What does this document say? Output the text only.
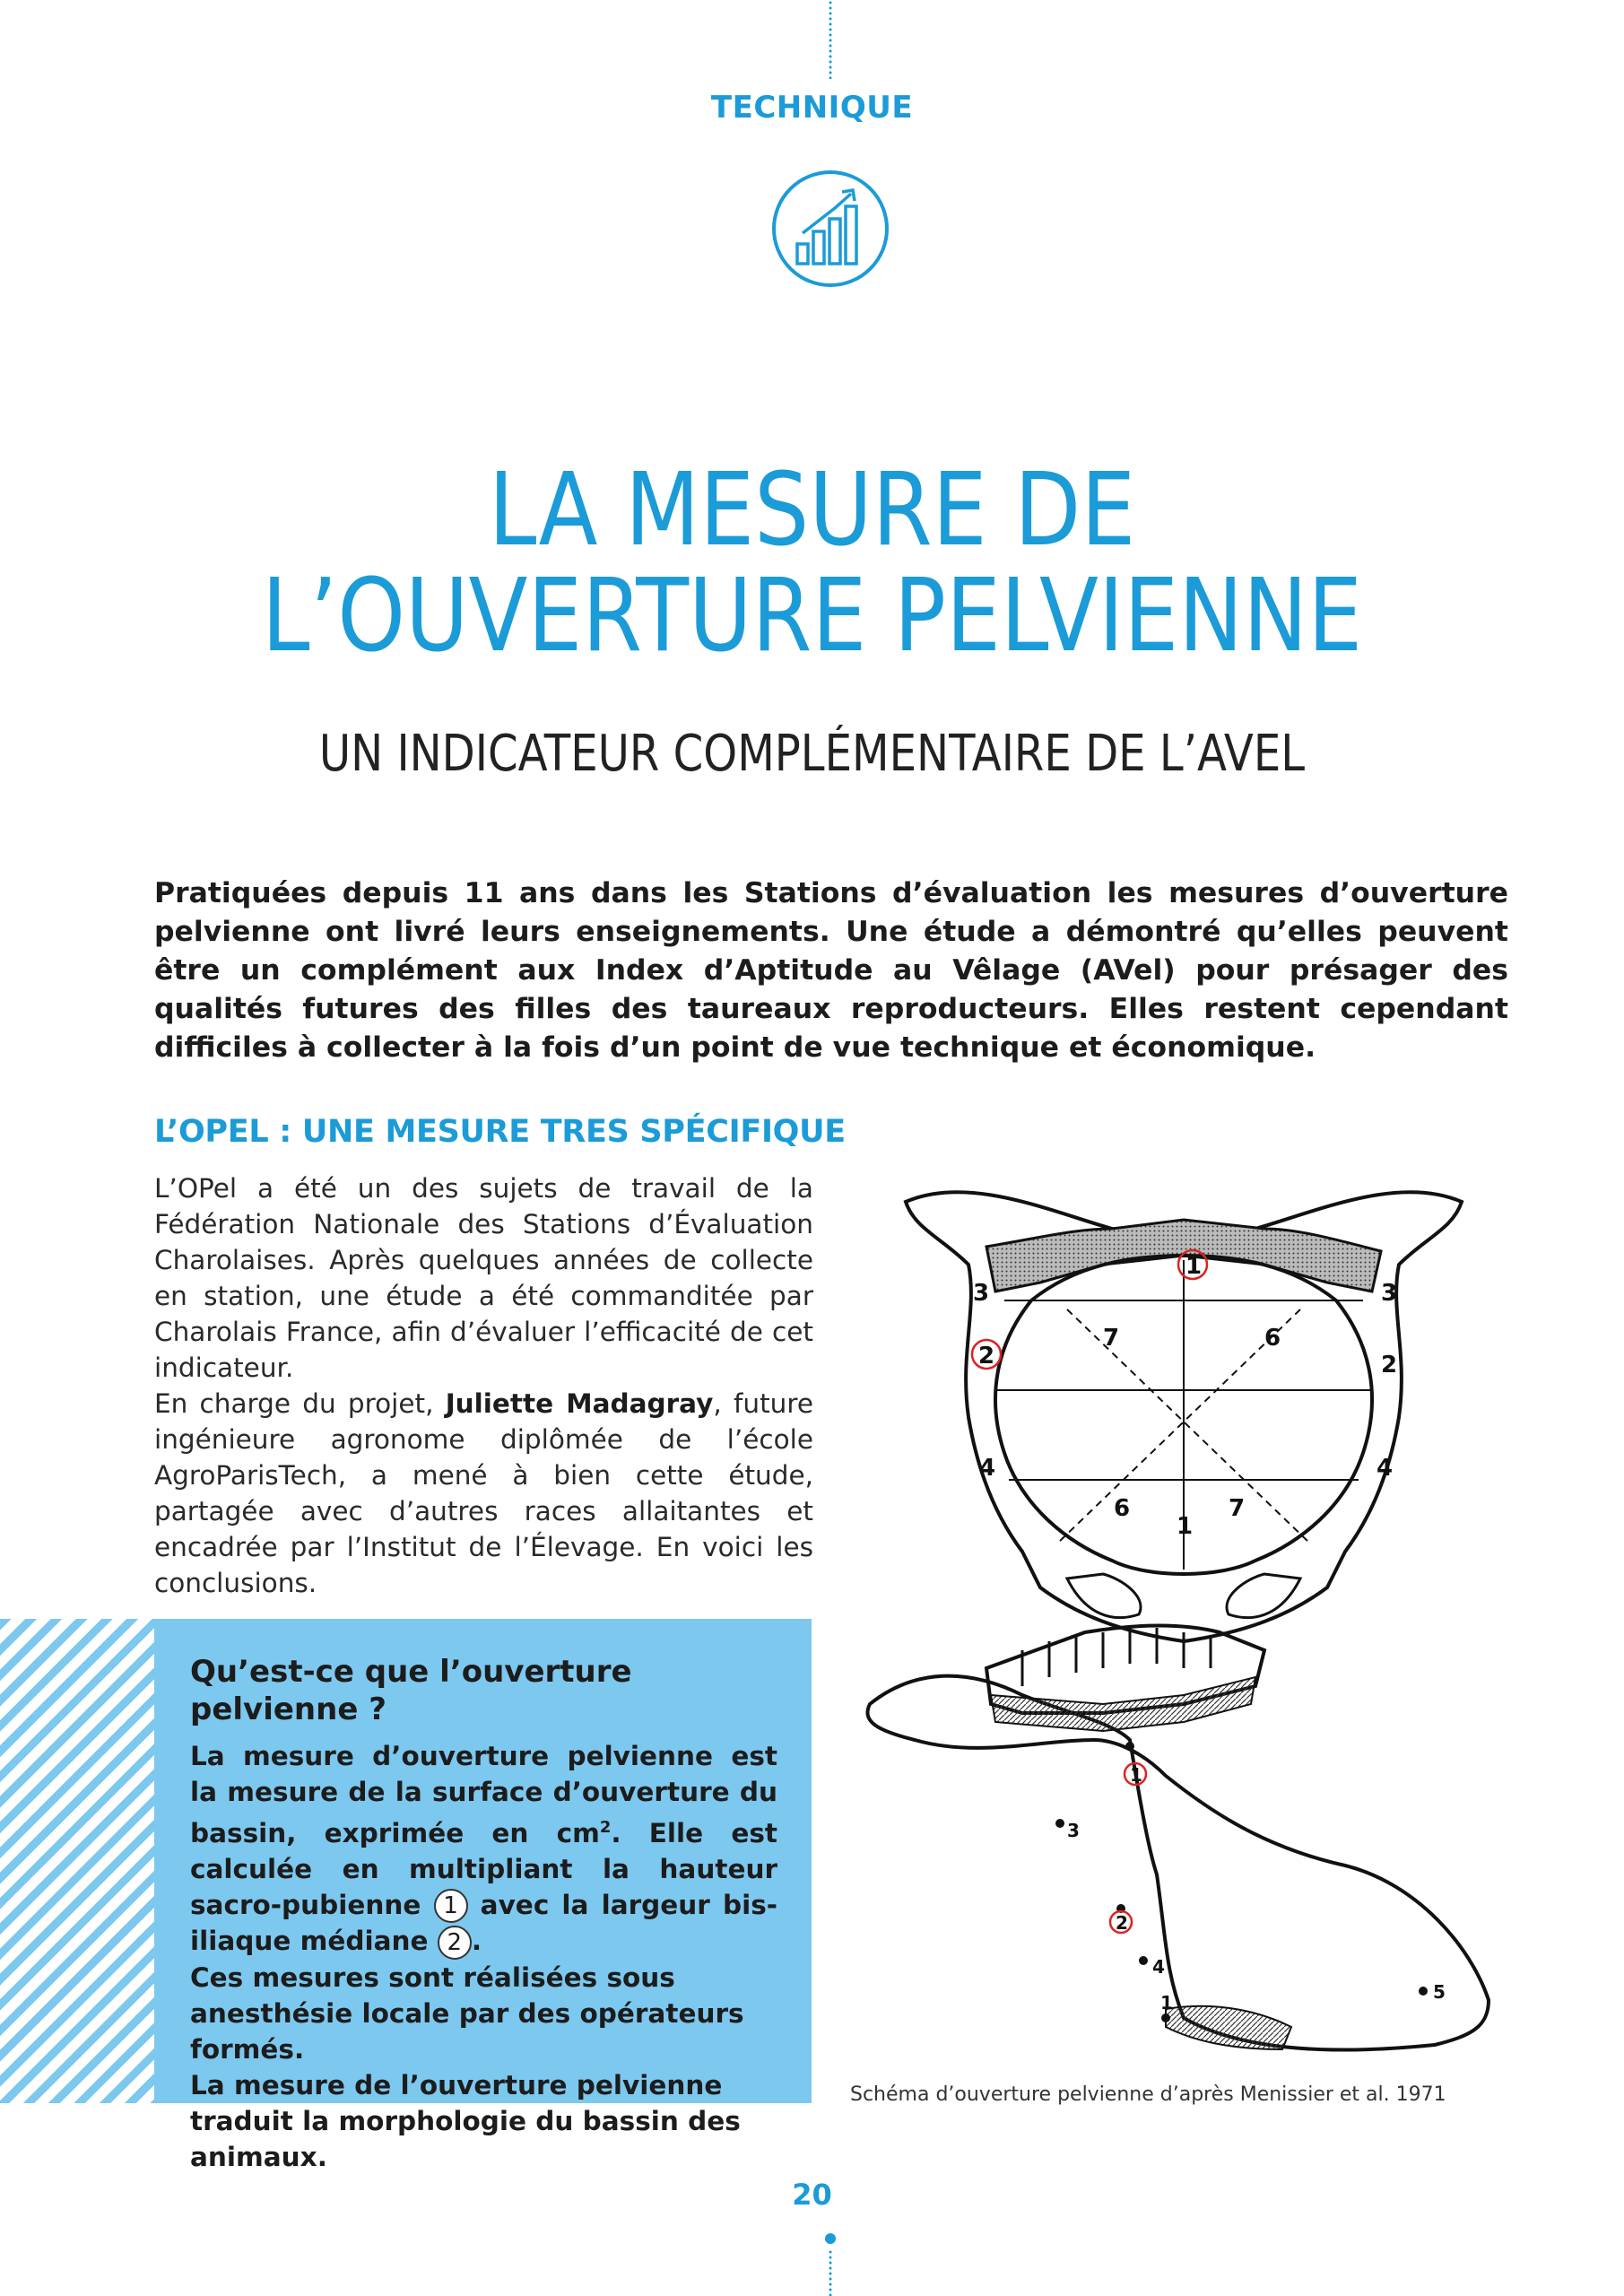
TECHNIQUE
LA MESURE DE
L’OUVERTURE PELVIENNE
UN INDICATEUR COMPLÉMENTAIRE DE L’AVEL
Pratiquées depuis 11 ans dans les Stations d’évaluation les mesures d’ouverture pelvienne ont livré leurs enseignements. Une étude a démontré qu’elles peuvent être un complément aux Index d’Aptitude au Vêlage (AVel) pour présager des qualités futures des filles des taureaux reproducteurs. Elles restent cependant difficiles à collecter à la fois d’un point de vue technique et économique.
L’OPEL : UNE MESURE TRES SPÉCIFIQUE

L’OPel a été un des sujets de travail de la Fédération Nationale des Stations d’Évaluation Charolaises. Après quelques années de collecte en station, une étude a été commanditée par Charolais France, afin d’évaluer l’efficacité de cet indicateur.

En charge du projet, Juliette Madagray, future ingénieure agronome diplômée de l’école AgroParisTech, a mené à bien cette étude, partagée avec d’autres races allaitantes et encadrée par l’Institut de l’Élevage. En voici les conclusions.

Qu’est-ce que l’ouverture pelvienne ?

La mesure d’ouverture pelvienne est la mesure de la surface d’ouverture du bassin, exprimée en $cm^2$. Elle est calculée en multipliant la hauteur sacro-pubienne 1 avec la largeur bis-iliaque médiane 2 .

Ces mesures sont réalisées sous anesthésie locale par des opérateurs formés.

La mesure de l’ouverture pelvienne traduit la morphologie du bassin des animaux.

1
2
3	3
7	6
2
4	4
6
1
7
1
3
2
4
1	5
Schéma d’ouverture pelvienne d’après Menissier et al. 1971
20
